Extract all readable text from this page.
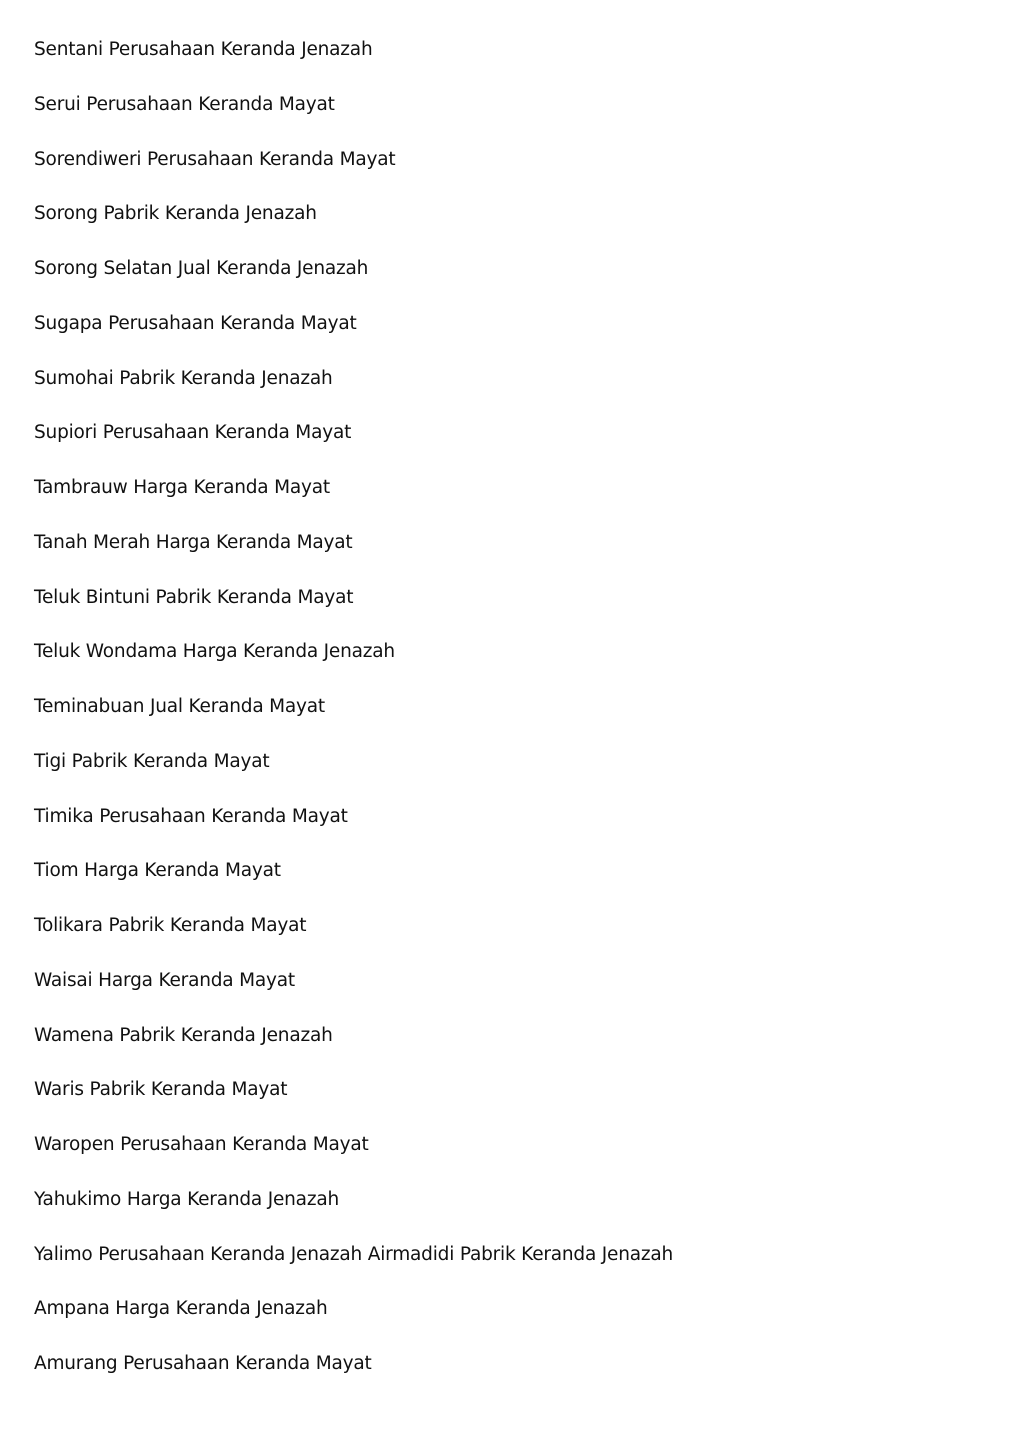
Sentani Perusahaan Keranda Jenazah
Serui Perusahaan Keranda Mayat
Sorendiweri Perusahaan Keranda Mayat
Sorong Pabrik Keranda Jenazah
Sorong Selatan Jual Keranda Jenazah
Sugapa Perusahaan Keranda Mayat
Sumohai Pabrik Keranda Jenazah
Supiori Perusahaan Keranda Mayat
Tambrauw Harga Keranda Mayat
Tanah Merah Harga Keranda Mayat
Teluk Bintuni Pabrik Keranda Mayat
Teluk Wondama Harga Keranda Jenazah
Teminabuan Jual Keranda Mayat
Tigi Pabrik Keranda Mayat
Timika Perusahaan Keranda Mayat
Tiom Harga Keranda Mayat
Tolikara Pabrik Keranda Mayat
Waisai Harga Keranda Mayat
Wamena Pabrik Keranda Jenazah
Waris Pabrik Keranda Mayat
Waropen Perusahaan Keranda Mayat
Yahukimo Harga Keranda Jenazah
Yalimo Perusahaan Keranda Jenazah Airmadidi Pabrik Keranda Jenazah
Ampana Harga Keranda Jenazah
Amurang Perusahaan Keranda Mayat
